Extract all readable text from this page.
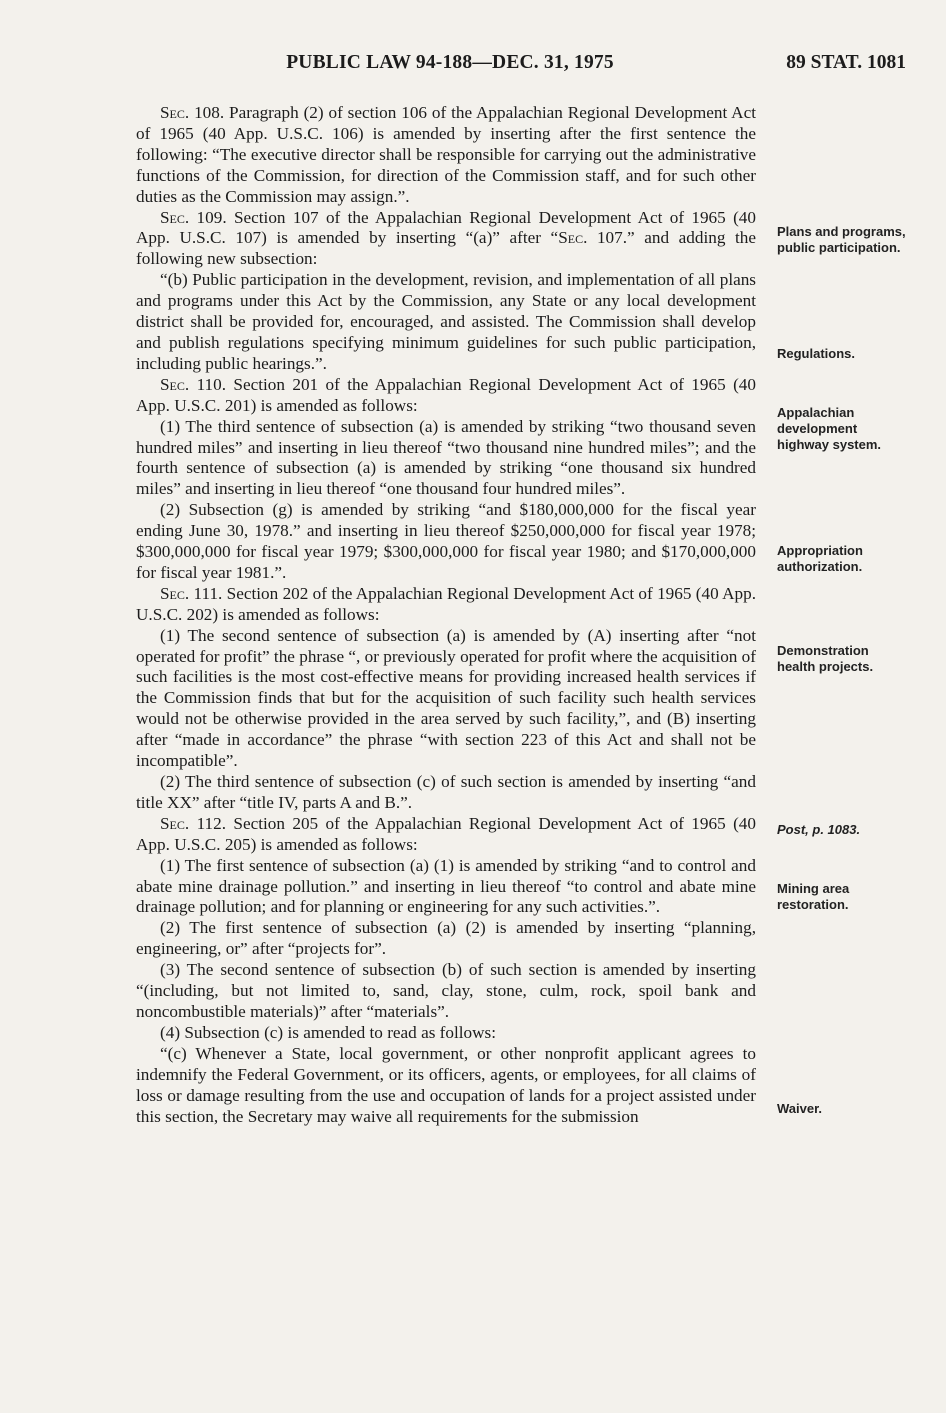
PUBLIC LAW 94-188—DEC. 31, 1975	89 STAT. 1081

Sec. 108. Paragraph (2) of section 106 of the Appalachian Regional Development Act of 1965 (40 App. U.S.C. 106) is amended by inserting after the first sentence the following: “The executive director shall be responsible for carrying out the administrative functions of the Commission, for direction of the Commission staff, and for such other duties as the Commission may assign.”.

Sec. 109. Section 107 of the Appalachian Regional Development Act of 1965 (40 App. U.S.C. 107) is amended by inserting “(a)” after “Sec. 107.” and adding the following new subsection:

“(b) Public participation in the development, revision, and implementation of all plans and programs under this Act by the Commission, any State or any local development district shall be provided for, encouraged, and assisted. The Commission shall develop and publish regulations specifying minimum guidelines for such public participation, including public hearings.”.

Sec. 110. Section 201 of the Appalachian Regional Development Act of 1965 (40 App. U.S.C. 201) is amended as follows:

(1) The third sentence of subsection (a) is amended by striking “two thousand seven hundred miles” and inserting in lieu thereof “two thousand nine hundred miles”; and the fourth sentence of subsection (a) is amended by striking “one thousand six hundred miles” and inserting in lieu thereof “one thousand four hundred miles”.

(2) Subsection (g) is amended by striking “and $180,000,000 for the fiscal year ending June 30, 1978.” and inserting in lieu thereof $250,000,000 for fiscal year 1978; $300,000,000 for fiscal year 1979; $300,000,000 for fiscal year 1980; and $170,000,000 for fiscal year 1981.”.

Sec. 111. Section 202 of the Appalachian Regional Development Act of 1965 (40 App. U.S.C. 202) is amended as follows:

(1) The second sentence of subsection (a) is amended by (A) inserting after “not operated for profit” the phrase “, or previously operated for profit where the acquisition of such facilities is the most cost-effective means for providing increased health services if the Commission finds that but for the acquisition of such facility such health services would not be otherwise provided in the area served by such facility,”, and (B) inserting after “made in accordance” the phrase “with section 223 of this Act and shall not be incompatible”.

(2) The third sentence of subsection (c) of such section is amended by inserting “and title XX” after “title IV, parts A and B.”.

Sec. 112. Section 205 of the Appalachian Regional Development Act of 1965 (40 App. U.S.C. 205) is amended as follows:

(1) The first sentence of subsection (a) (1) is amended by striking “and to control and abate mine drainage pollution.” and inserting in lieu thereof “to control and abate mine drainage pollution; and for planning or engineering for any such activities.”.

(2) The first sentence of subsection (a) (2) is amended by inserting “planning, engineering, or” after “projects for”.

(3) The second sentence of subsection (b) of such section is amended by inserting “(including, but not limited to, sand, clay, stone, culm, rock, spoil bank and noncombustible materials)” after “materials”.

(4) Subsection (c) is amended to read as follows:

“(c) Whenever a State, local government, or other nonprofit applicant agrees to indemnify the Federal Government, or its officers, agents, or employees, for all claims of loss or damage resulting from the use and occupation of lands for a project assisted under this section, the Secretary may waive all requirements for the submission

Plans and programs, public participation.
Regulations.
Appalachian development highway system.
Appropriation authorization.
Demonstration health projects.
Post, p. 1083.
Mining area restoration.
Waiver.
